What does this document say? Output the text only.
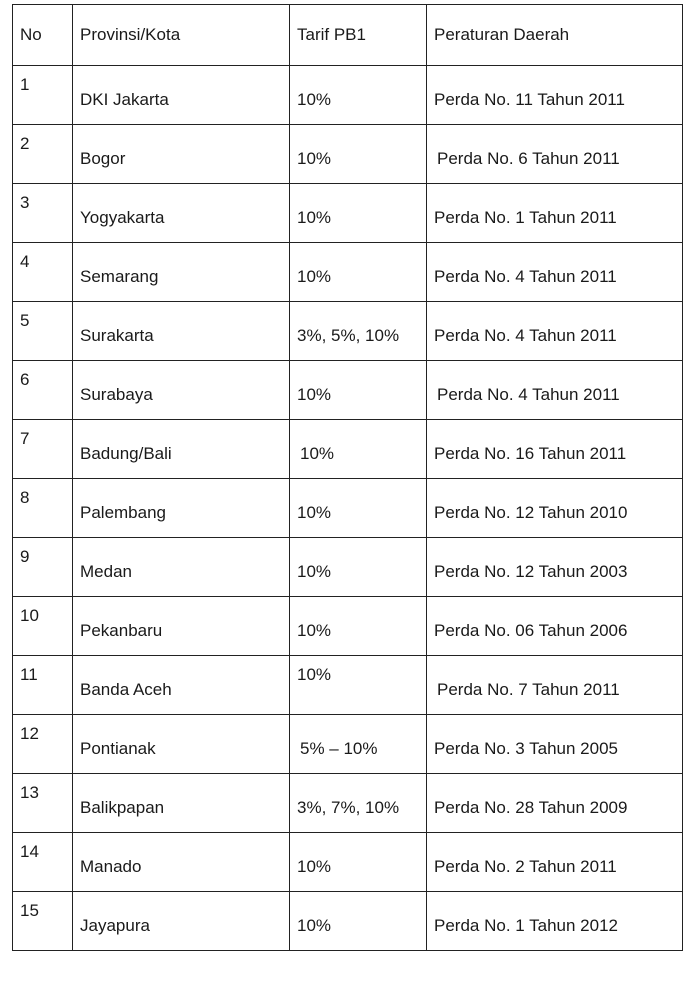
No	Provinsi/Kota	Tarif PB1	Peraturan Daerah

1	DKI Jakarta	10%	Perda No. 11 Tahun 2011

2	Bogor	10%	Perda No. 6 Tahun 2011

3	Yogyakarta	10%	Perda No. 1 Tahun 2011

4	Semarang	10%	Perda No. 4 Tahun 2011

5	Surakarta	3%, 5%, 10%	Perda No. 4 Tahun 2011

6	Surabaya	10%	Perda No. 4 Tahun 2011

7	Badung/Bali	10%	Perda No. 16 Tahun 2011

8	Palembang	10%	Perda No. 12 Tahun 2010

9	Medan	10%	Perda No. 12 Tahun 2003

10	Pekanbaru	10%	Perda No. 06 Tahun 2006

11	Banda Aceh	10%	Perda No. 7 Tahun 2011

12	Pontianak	5% – 10%	Perda No. 3 Tahun 2005

13	Balikpapan	3%, 7%, 10%	Perda No. 28 Tahun 2009

14	Manado	10%	Perda No. 2 Tahun 2011

15	Jayapura	10%	Perda No. 1 Tahun 2012
